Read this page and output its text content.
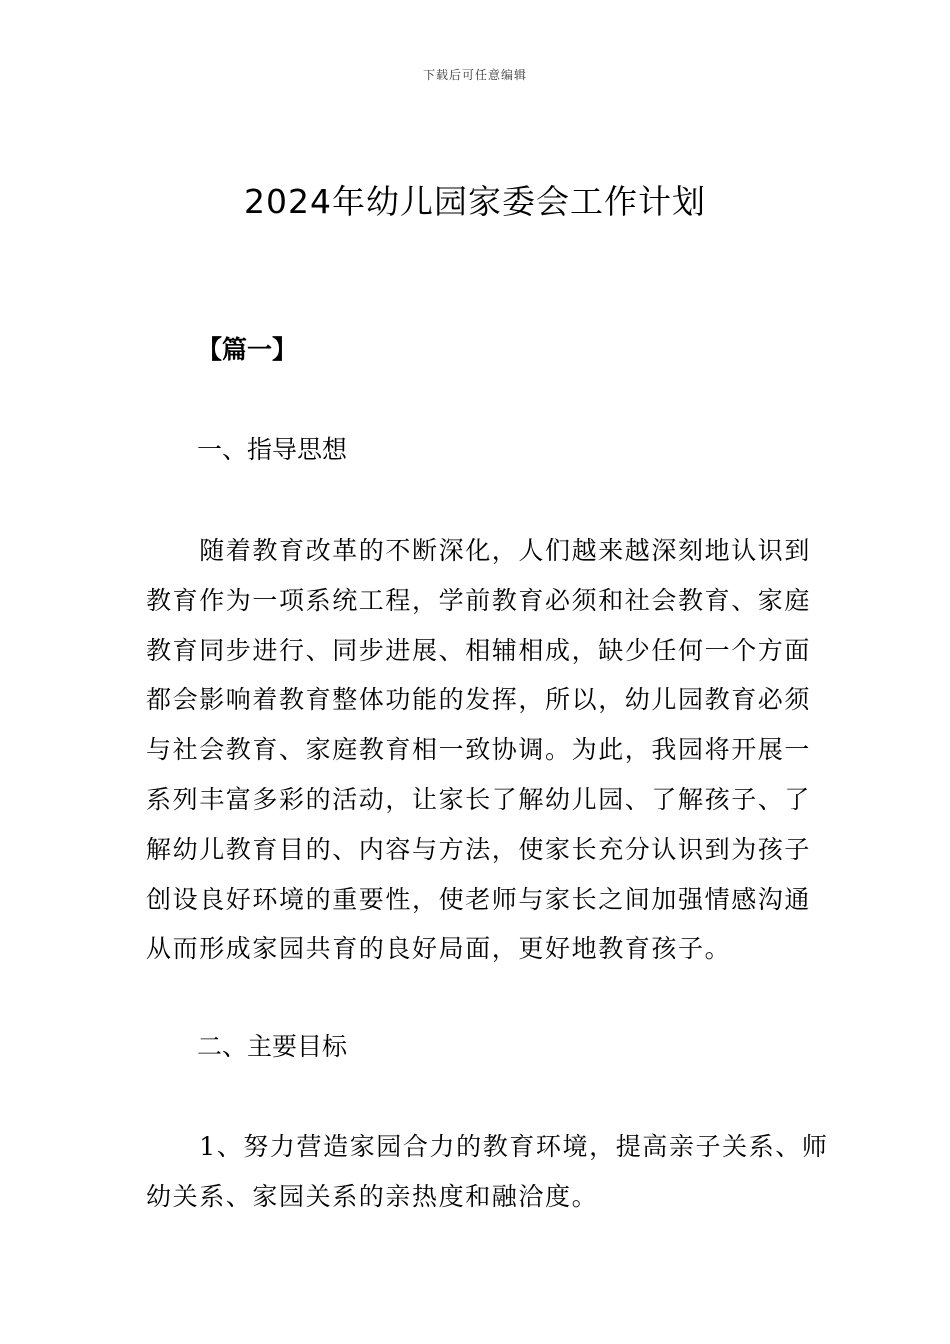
下载后可任意编辑
2024年幼儿园家委会工作计划

【篇一】

一、指导思想
　　随着教育改革的不断深化，人们越来越深刻地认识到
教育作为一项系统工程，学前教育必须和社会教育、家庭
教育同步进行、同步进展、相辅相成，缺少任何一个方面
都会影响着教育整体功能的发挥，所以，幼儿园教育必须
与社会教育、家庭教育相一致协调。为此，我园将开展一
系列丰富多彩的活动，让家长了解幼儿园、了解孩子、了
解幼儿教育目的、内容与方法，使家长充分认识到为孩子
创设良好环境的重要性，使老师与家长之间加强情感沟通
从而形成家园共育的良好局面，更好地教育孩子。
二、主要目标
　　1、努力营造家园合力的教育环境，提高亲子关系、师
幼关系、家园关系的亲热度和融洽度。
